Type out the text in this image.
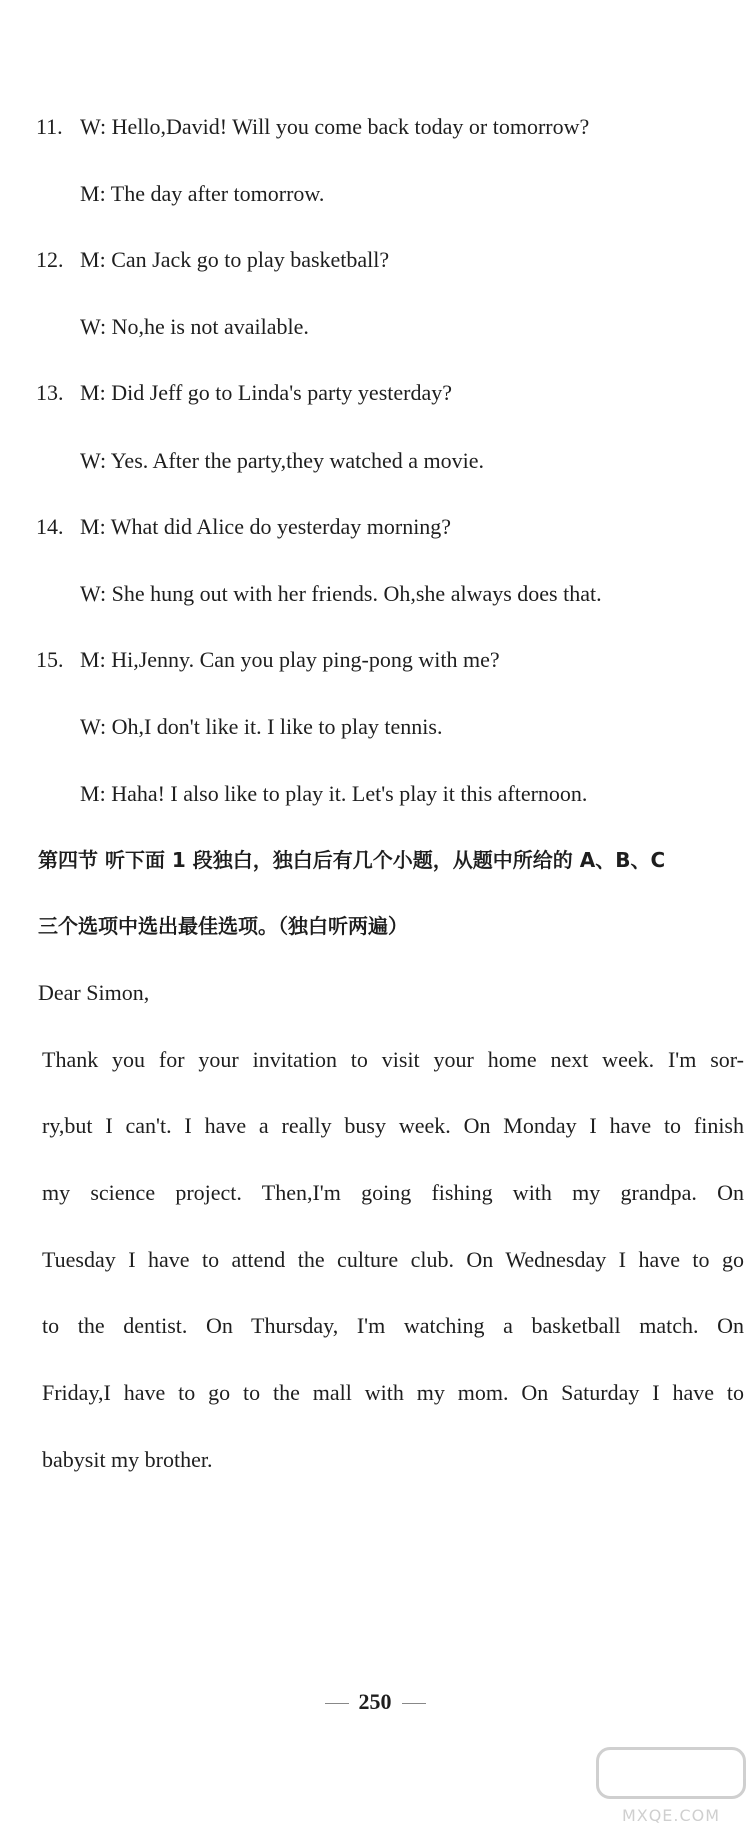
11. W: Hello,David! Will you come back today or tomorrow?
M: The day after tomorrow.
12. M: Can Jack go to play basketball?
W: No,he is not available.
13. M: Did Jeff go to Linda's party yesterday?
W: Yes. After the party,they watched a movie.
14. M: What did Alice do yesterday morning?
W: She hung out with her friends. Oh,she always does that.
15. M: Hi,Jenny. Can you play ping-pong with me?
W: Oh,I don't like it. I like to play tennis.
M: Haha! I also like to play it. Let's play it this afternoon.
第四节 听下面 1 段独白，独白后有几个小题，从题中所给的 A、B、C
三个选项中选出最佳选项。（独白听两遍）
Dear Simon,
Thank you for your invitation to visit your home next week. I'm sor-
ry,but I can't. I have a really busy week. On Monday I have to finish
my science project. Then,I'm going fishing with my grandpa. On
Tuesday I have to attend the culture club. On Wednesday I have to go
to the dentist. On Thursday, I'm watching a basketball match. On
Friday,I have to go to the mall with my mom. On Saturday I have to
babysit my brother.
250
MXQE.COM
